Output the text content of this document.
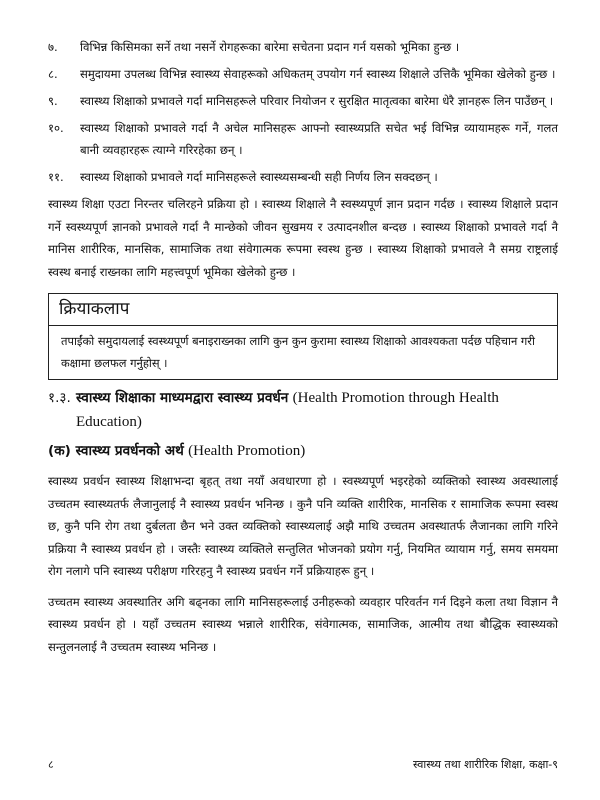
७.	विभिन्न किसिमका सर्ने तथा नसर्ने रोगहरूका बारेमा सचेतना प्रदान गर्न यसको भूमिका हुन्छ ।
८.	समुदायमा उपलब्ध विभिन्न स्वास्थ्य सेवाहरूको अधिकतम् उपयोग गर्न स्वास्थ्य शिक्षाले उत्तिकै भूमिका खेलेको हुन्छ ।
९.	स्वास्थ्य शिक्षाको प्रभावले गर्दा मानिसहरूले परिवार नियोजन र सुरक्षित मातृत्वका बारेमा धेरै ज्ञानहरू लिन पाउँछन् ।
१०.	स्वास्थ्य शिक्षाको प्रभावले गर्दा नै अचेल मानिसहरू आफ्नो स्वास्थ्यप्रति सचेत भई विभिन्न व्यायामहरू गर्ने, गलत बानी व्यवहारहरू त्याग्ने गरिरहेका छन् ।
११.	स्वास्थ्य शिक्षाको प्रभावले गर्दा मानिसहरूले स्वास्थ्यसम्बन्धी सही निर्णय लिन सक्दछन् ।

स्वास्थ्य शिक्षा एउटा निरन्तर चलिरहने प्रक्रिया हो । स्वास्थ्य शिक्षाले नै स्वस्थ्यपूर्ण ज्ञान प्रदान गर्दछ । स्वास्थ्य शिक्षाले प्रदान गर्ने स्वस्थ्यपूर्ण ज्ञानको प्रभावले गर्दा नै मान्छेको जीवन सुखमय र उत्पादनशील बन्दछ । स्वास्थ्य शिक्षाको प्रभावले गर्दा नै मानिस शारीरिक, मानसिक, सामाजिक तथा संवेगात्मक रूपमा स्वस्थ हुन्छ । स्वास्थ्य शिक्षाको प्रभावले नै समग्र राष्ट्रलाई स्वस्थ बनाई राख्नका लागि महत्त्वपूर्ण भूमिका खेलेको हुन्छ ।

क्रियाकलाप
तपाईंको समुदायलाई स्वस्थ्यपूर्ण बनाइराख्नका लागि कुन कुन कुरामा स्वास्थ्य शिक्षाको आवश्यकता पर्दछ पहिचान गरी कक्षामा छलफल गर्नुहोस् ।
१.३. स्वास्थ्य शिक्षाका माध्यमद्वारा स्वास्थ्य प्रवर्धन (Health Promotion through Health Education)
(क) स्वास्थ्य प्रवर्धनको अर्थ (Health Promotion)

स्वास्थ्य प्रवर्धन स्वास्थ्य शिक्षाभन्दा बृहत् तथा नयाँ अवधारणा हो । स्वस्थ्यपूर्ण भइरहेको व्यक्तिको स्वास्थ्य अवस्थालाई उच्चतम स्वास्थ्यतर्फ लैजानुलाई नै स्वास्थ्य प्रवर्धन भनिन्छ । कुनै पनि व्यक्ति शारीरिक, मानसिक र सामाजिक रूपमा स्वस्थ छ, कुनै पनि रोग तथा दुर्बलता छैन भने उक्त व्यक्तिको स्वास्थ्यलाई अझै माथि उच्चतम अवस्थातर्फ लैजानका लागि गरिने प्रक्रिया नै स्वास्थ्य प्रवर्धन हो । जस्तैः स्वास्थ्य व्यक्तिले सन्तुलित भोजनको प्रयोग गर्नु, नियमित व्यायाम गर्नु, समय समयमा रोग नलागे पनि स्वास्थ्य परीक्षण गरिरहनु नै स्वास्थ्य प्रवर्धन गर्ने प्रक्रियाहरू हुन् ।

उच्चतम स्वास्थ्य अवस्थातिर अगि बढ्नका लागि मानिसहरूलाई उनीहरूको व्यवहार परिवर्तन गर्न दिइने कला तथा विज्ञान नै स्वास्थ्य प्रवर्धन हो । यहाँ उच्चतम स्वास्थ्य भन्नाले शारीरिक, संवेगात्मक, सामाजिक, आत्मीय तथा बौद्धिक स्वास्थ्यको सन्तुलनलाई नै उच्चतम स्वास्थ्य भनिन्छ ।

८	स्वास्थ्य तथा शारीरिक शिक्षा, कक्षा-९
